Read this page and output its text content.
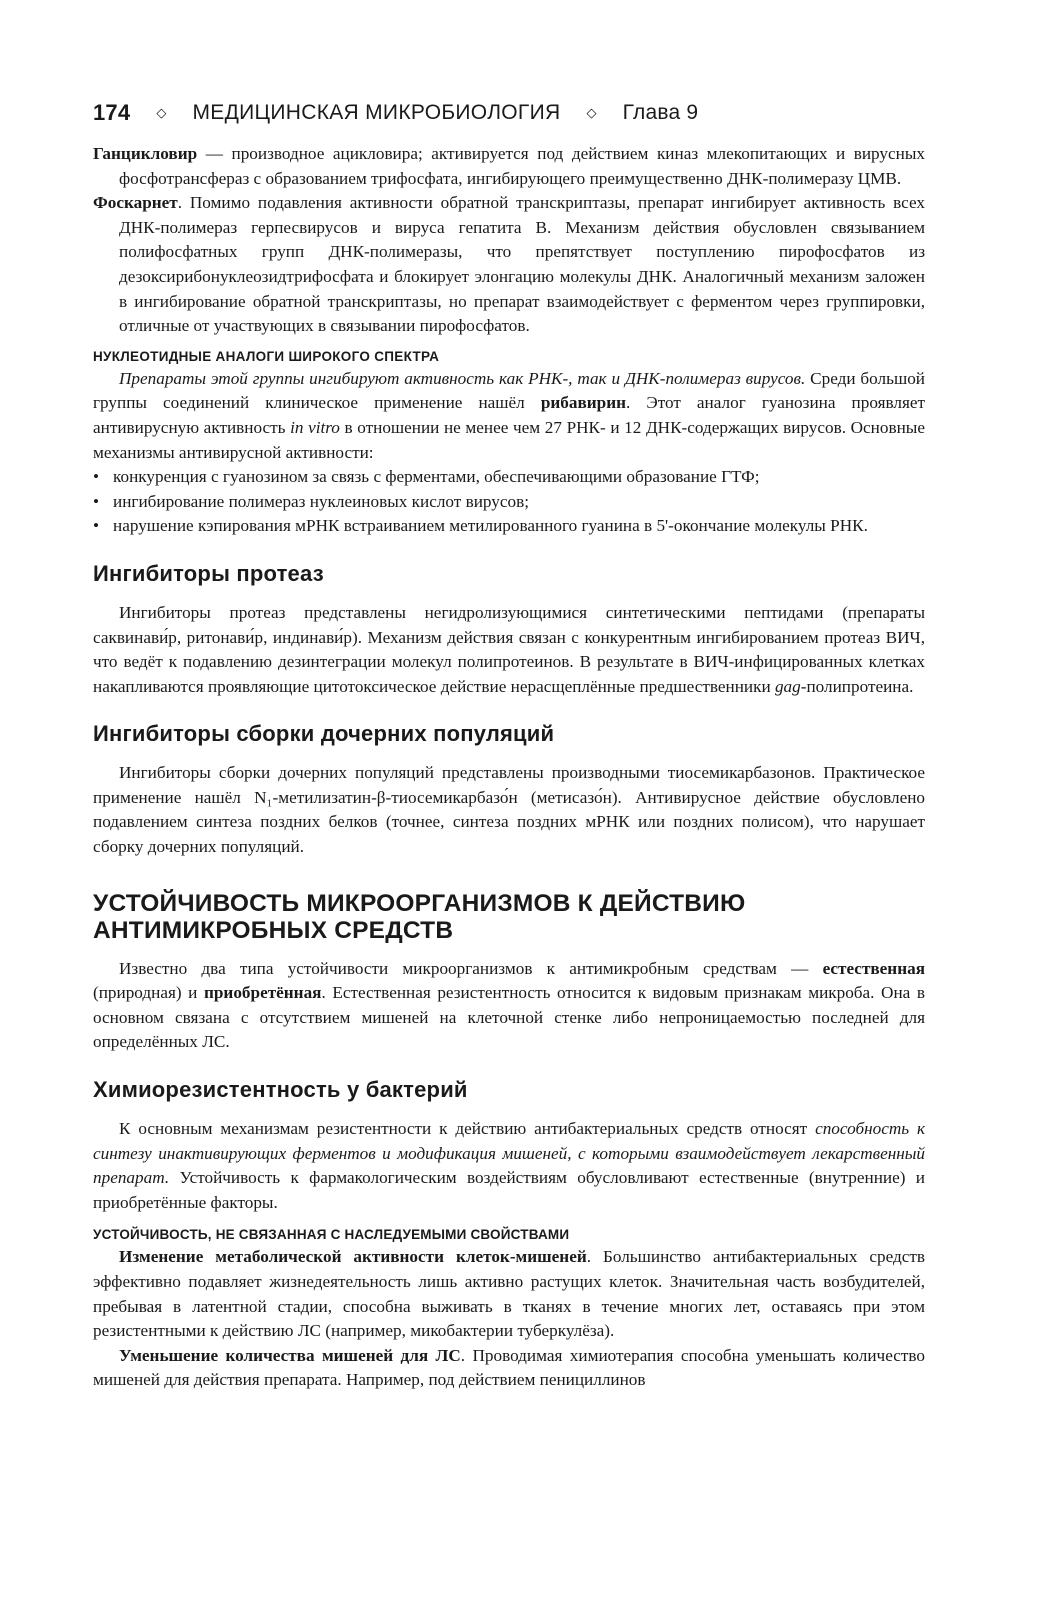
174 ◇ МЕДИЦИНСКАЯ МИКРОБИОЛОГИЯ ◇ Глава 9

Ганцикловир — производное ацикловира; активируется под действием киназ млекопитающих и вирусных фосфотрансфераз с образованием трифосфата, ингибирующего преимущественно ДНК-полимеразу ЦМВ.

Фоскарнет. Помимо подавления активности обратной транскриптазы, препарат ингибирует активность всех ДНК-полимераз герпесвирусов и вируса гепатита В. Механизм действия обусловлен связыванием полифосфатных групп ДНК-полимеразы, что препятствует поступлению пирофосфатов из дезоксирибонуклеозидтрифосфата и блокирует элонгацию молекулы ДНК. Аналогичный механизм заложен в ингибирование обратной транскриптазы, но препарат взаимодействует с ферментом через группировки, отличные от участвующих в связывании пирофосфатов.

НУКЛЕОТИДНЫЕ АНАЛОГИ ШИРОКОГО СПЕКТРА

Препараты этой группы ингибируют активность как РНК-, так и ДНК-полимераз вирусов. Среди большой группы соединений клиническое применение нашёл рибавирин. Этот аналог гуанозина проявляет антивирусную активность in vitro в отношении не менее чем 27 РНК- и 12 ДНК-содержащих вирусов. Основные механизмы антивирусной активности:

• конкуренция с гуанозином за связь с ферментами, обеспечивающими образование ГТФ;
• ингибирование полимераз нуклеиновых кислот вирусов;
• нарушение кэпирования мРНК встраиванием метилированного гуанина в 5'-окончание молекулы РНК.
Ингибиторы протеаз

Ингибиторы протеаз представлены негидролизующимися синтетическими пептидами (препараты саквинави́р, ритонави́р, индинави́р). Механизм действия связан с конкурентным ингибированием протеаз ВИЧ, что ведёт к подавлению дезинтеграции молекул полипротеинов. В результате в ВИЧ-инфицированных клетках накапливаются проявляющие цитотоксическое действие нерасщеплённые предшественники gag-полипротеина.

Ингибиторы сборки дочерних популяций

Ингибиторы сборки дочерних популяций представлены производными тиосемикарбазонов. Практическое применение нашёл N₁-метилизатин-β-тиосемикарбазо́н (метисазо́н). Антивирусное действие обусловлено подавлением синтеза поздних белков (точнее, синтеза поздних мРНК или поздних полисом), что нарушает сборку дочерних популяций.

УСТОЙЧИВОСТЬ МИКРООРГАНИЗМОВ К ДЕЙСТВИЮ
АНТИМИКРОБНЫХ СРЕДСТВ

Известно два типа устойчивости микроорганизмов к антимикробным средствам — естественная (природная) и приобретённая. Естественная резистентность относится к видовым признакам микроба. Она в основном связана с отсутствием мишеней на клеточной стенке либо непроницаемостью последней для определённых ЛС.

Химиорезистентность у бактерий

К основным механизмам резистентности к действию антибактериальных средств относят способность к синтезу инактивирующих ферментов и модификация мишеней, с которыми взаимодействует лекарственный препарат. Устойчивость к фармакологическим воздействиям обусловливают естественные (внутренние) и приобретённые факторы.

УСТОЙЧИВОСТЬ, НЕ СВЯЗАННАЯ С НАСЛЕДУЕМЫМИ СВОЙСТВАМИ

Изменение метаболической активности клеток-мишеней. Большинство антибактериальных средств эффективно подавляет жизнедеятельность лишь активно растущих клеток. Значительная часть возбудителей, пребывая в латентной стадии, способна выживать в тканях в течение многих лет, оставаясь при этом резистентными к действию ЛС (например, микобактерии туберкулёза).

Уменьшение количества мишеней для ЛС. Проводимая химиотерапия способна уменьшать количество мишеней для действия препарата. Например, под действием пенициллинов
